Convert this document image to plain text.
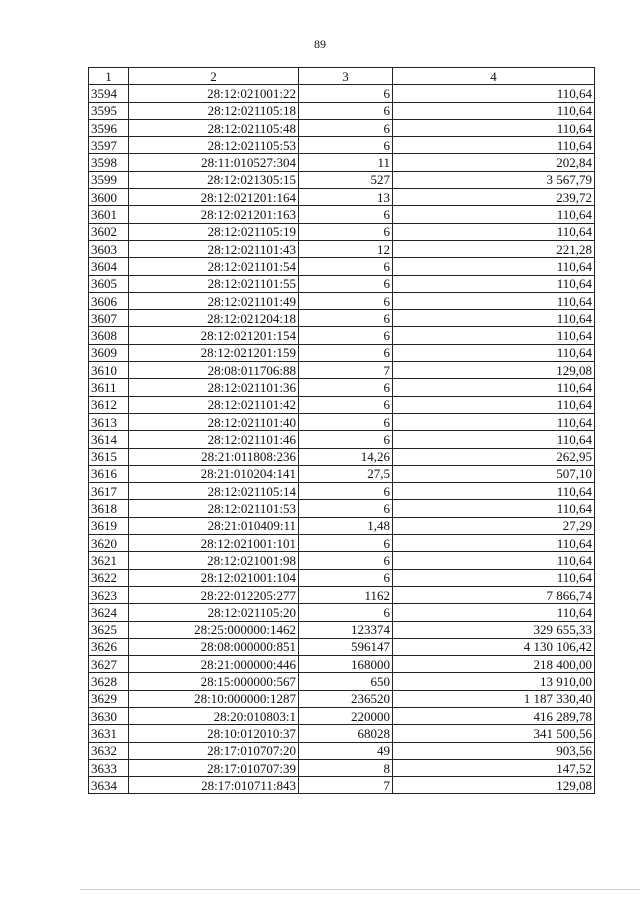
89
1	2	3	4
3594	28:12:021001:22	6	110,64
3595	28:12:021105:18	6	110,64
3596	28:12:021105:48	6	110,64
3597	28:12:021105:53	6	110,64
3598	28:11:010527:304	11	202,84
3599	28:12:021305:15	527	3 567,79
3600	28:12:021201:164	13	239,72
3601	28:12:021201:163	6	110,64
3602	28:12:021105:19	6	110,64
3603	28:12:021101:43	12	221,28
3604	28:12:021101:54	6	110,64
3605	28:12:021101:55	6	110,64
3606	28:12:021101:49	6	110,64
3607	28:12:021204:18	6	110,64
3608	28:12:021201:154	6	110,64
3609	28:12:021201:159	6	110,64
3610	28:08:011706:88	7	129,08
3611	28:12:021101:36	6	110,64
3612	28:12:021101:42	6	110,64
3613	28:12:021101:40	6	110,64
3614	28:12:021101:46	6	110,64
3615	28:21:011808:236	14,26	262,95
3616	28:21:010204:141	27,5	507,10
3617	28:12:021105:14	6	110,64
3618	28:12:021101:53	6	110,64
3619	28:21:010409:11	1,48	27,29
3620	28:12:021001:101	6	110,64
3621	28:12:021001:98	6	110,64
3622	28:12:021001:104	6	110,64
3623	28:22:012205:277	1162	7 866,74
3624	28:12:021105:20	6	110,64
3625	28:25:000000:1462	123374	329 655,33
3626	28:08:000000:851	596147	4 130 106,42
3627	28:21:000000:446	168000	218 400,00
3628	28:15:000000:567	650	13 910,00
3629	28:10:000000:1287	236520	1 187 330,40
3630	28:20:010803:1	220000	416 289,78
3631	28:10:012010:37	68028	341 500,56
3632	28:17:010707:20	49	903,56
3633	28:17:010707:39	8	147,52
3634	28:17:010711:843	7	129,08
